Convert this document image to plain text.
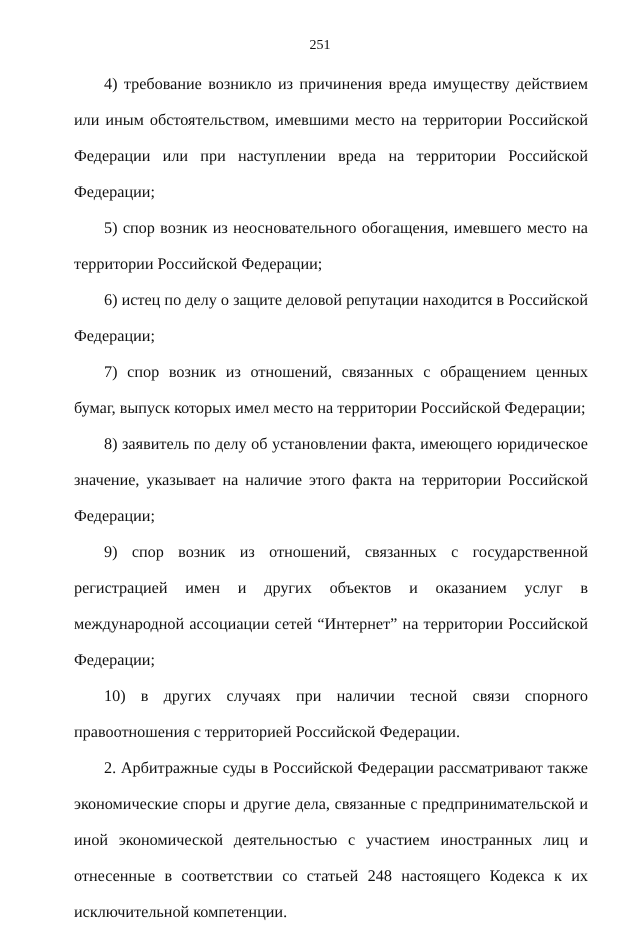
251

4) требование возникло из причинения вреда имуществу действием или иным обстоятельством, имевшими место на территории Российской Федерации или при наступлении вреда на территории Российской Федерации;

5) спор возник из неосновательного обогащения, имевшего место на территории Российской Федерации;

6) истец по делу о защите деловой репутации находится в Российской Федерации;

7) спор возник из отношений, связанных с обращением ценных бумаг, выпуск которых имел место на территории Российской Федерации;

8) заявитель по делу об установлении факта, имеющего юридическое значение, указывает на наличие этого факта на территории Российской Федерации;

9) спор возник из отношений, связанных с государственной регистрацией имен и других объектов и оказанием услуг в международной ассоциации сетей “Интернет” на территории Российской Федерации;

10) в других случаях при наличии тесной связи спорного правоотношения с территорией Российской Федерации.

2. Арбитражные суды в Российской Федерации рассматривают также экономические споры и другие дела, связанные с предпринимательской и иной экономической деятельностью с участием иностранных лиц и отнесенные в соответствии со статьей 248 настоящего Кодекса к их исключительной компетенции.
